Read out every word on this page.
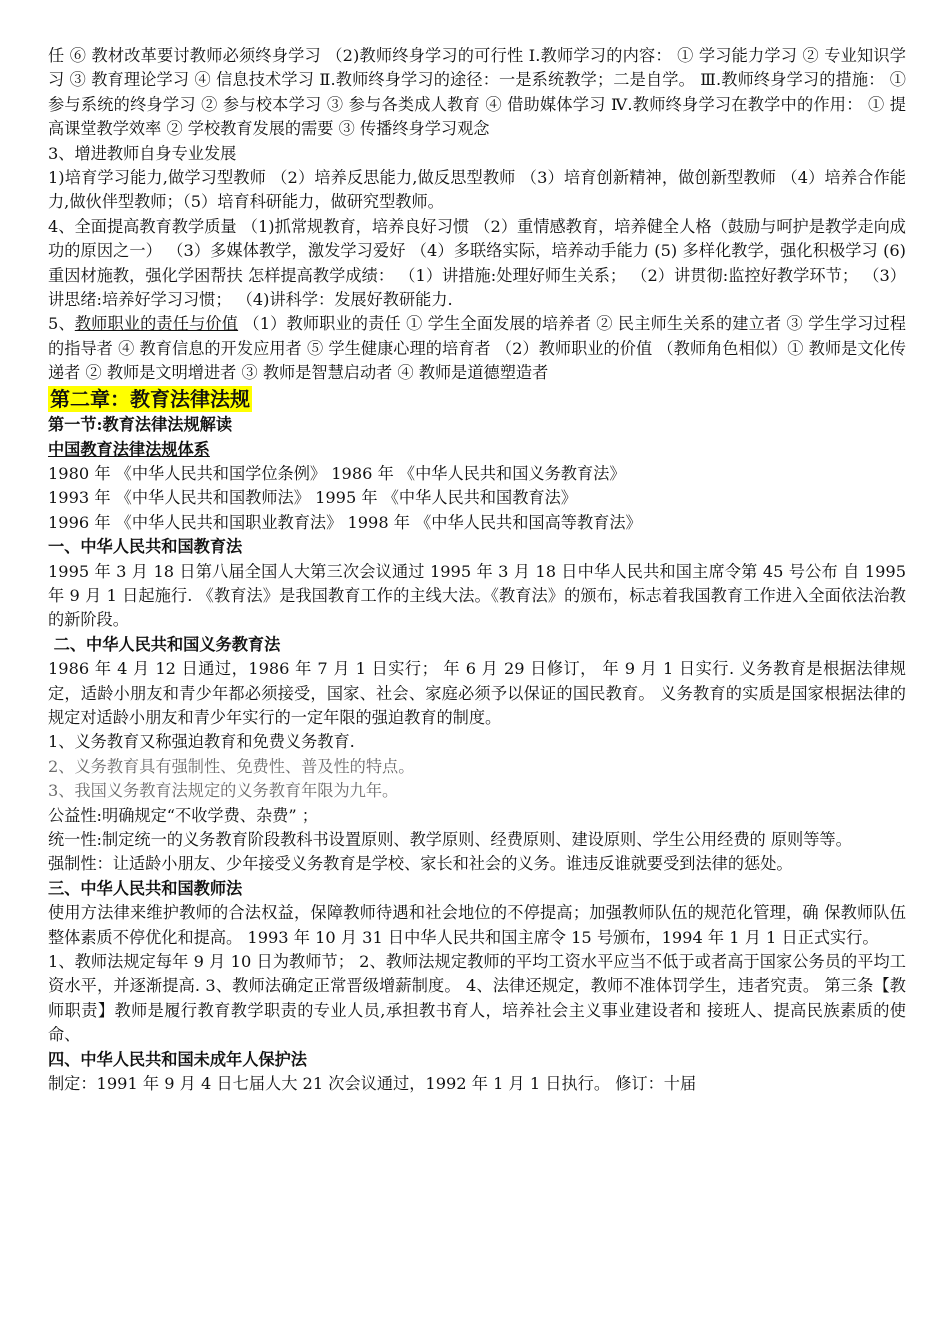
任 ⑥ 教材改革要讨教师必须终身学习 （2)教师终身学习的可行性 Ⅰ.教师学习的内容： ① 学习能力学习 ② 专业知识学习 ③ 教育理论学习 ④ 信息技术学习 Ⅱ.教师终身学习的途径：一是系统教学；二是自学。 Ⅲ.教师终身学习的措施： ① 参与系统的终身学习 ② 参与校本学习 ③ 参与各类成人教育 ④ 借助媒体学习 Ⅳ.教师终身学习在教学中的作用： ① 提高课堂教学效率 ② 学校教育发展的需要 ③ 传播终身学习观念

3、增进教师自身专业发展

1)培育学习能力,做学习型教师 （2）培养反思能力,做反思型教师 （3）培育创新精神，做创新型教师 （4）培养合作能力,做伙伴型教师；（5）培育科研能力，做研究型教师。

4、全面提高教育教学质量 （1)抓常规教育，培养良好习惯 （2）重情感教育，培养健全人格（鼓励与呵护是教学走向成功的原因之一） （3）多媒体教学，激发学习爱好 （4）多联络实际，培养动手能力 (5) 多样化教学，强化积极学习 (6)重因材施教，强化学困帮扶 怎样提高教学成绩： （1）讲措施:处理好师生关系； （2）讲贯彻:监控好教学环节； （3）讲思绪:培养好学习习惯； （4)讲科学：发展好教研能力.

5、教师职业的责任与价值 （1）教师职业的责任 ① 学生全面发展的培养者 ② 民主师生关系的建立者 ③ 学生学习过程的指导者 ④ 教育信息的开发应用者 ⑤ 学生健康心理的培育者 （2）教师职业的价值 （教师角色相似）① 教师是文化传递者 ② 教师是文明增进者 ③ 教师是智慧启动者 ④ 教师是道德塑造者

第二章：教育法律法规

第一节:教育法律法规解读

中国教育法律法规体系

1980 年 《中华人民共和国学位条例》 1986 年 《中华人民共和国义务教育法》

1993 年 《中华人民共和国教师法》 1995 年 《中华人民共和国教育法》

1996 年 《中华人民共和国职业教育法》 1998 年 《中华人民共和国高等教育法》

一、中华人民共和国教育法

1995 年 3 月 18 日第八届全国人大第三次会议通过 1995 年 3 月 18 日中华人民共和国主席令第 45 号公布 自 1995 年 9 月 1 日起施行. 《教育法》是我国教育工作的主线大法。《教育法》的颁布，标志着我国教育工作进入全面依法治教的新阶段。

二、中华人民共和国义务教育法

1986 年 4 月 12 日通过，1986 年 7 月 1 日实行； 年 6 月 29 日修订， 年 9 月 1 日实行. 义务教育是根据法律规定，适龄小朋友和青少年都必须接受，国家、社会、家庭必须予以保证的国民教育。 义务教育的实质是国家根据法律的规定对适龄小朋友和青少年实行的一定年限的强迫教育的制度。

1、义务教育又称强迫教育和免费义务教育.

2、义务教育具有强制性、免费性、普及性的特点。

3、我国义务教育法规定的义务教育年限为九年。

公益性:明确规定“不收学费、杂费” ；

统一性:制定统一的义务教育阶段教科书设置原则、教学原则、经费原则、建设原则、学生公用经费的 原则等等。

强制性：让适龄小朋友、少年接受义务教育是学校、家长和社会的义务。谁违反谁就要受到法律的惩处。

三、中华人民共和国教师法

使用方法律来维护教师的合法权益，保障教师待遇和社会地位的不停提高；加强教师队伍的规范化管理，确 保教师队伍整体素质不停优化和提高。 1993 年 10 月 31 日中华人民共和国主席令 15 号颁布，1994 年 1 月 1 日正式实行。

1、教师法规定每年 9 月 10 日为教师节； 2、教师法规定教师的平均工资水平应当不低于或者高于国家公务员的平均工资水平，并逐渐提高. 3、教师法确定正常晋级增薪制度。 4、法律还规定，教师不准体罚学生，违者究责。 第三条【教师职责】教师是履行教育教学职责的专业人员,承担教书育人，培养社会主义事业建设者和 接班人、提高民族素质的使命、

四、中华人民共和国未成年人保护法

制定：1991 年 9 月 4 日七届人大 21 次会议通过，1992 年 1 月 1 日执行。 修订：十届
